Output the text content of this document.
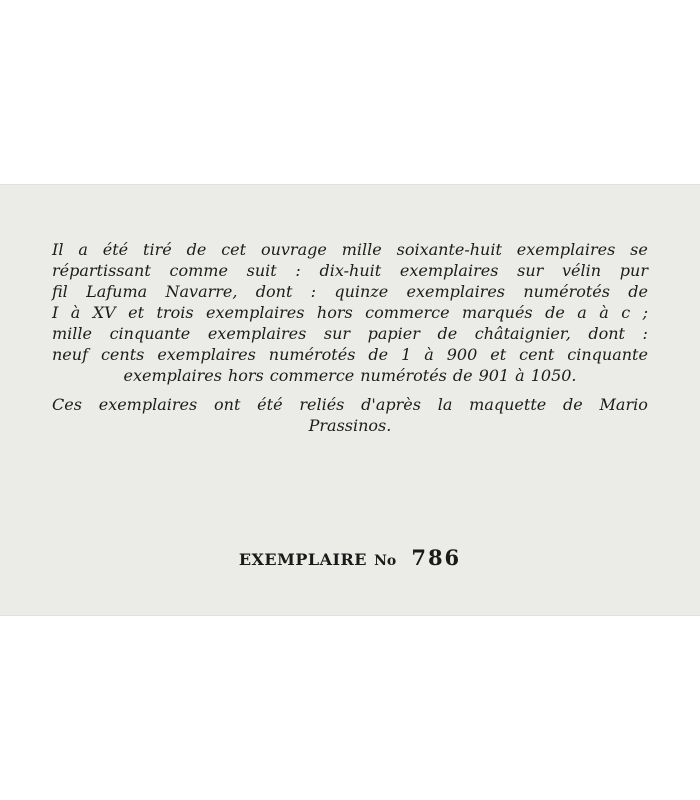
Il a été tiré de cet ouvrage mille soixante-huit exemplaires se
répartissant comme suit : dix-huit exemplaires sur vélin pur
fil Lafuma Navarre, dont : quinze exemplaires numérotés de
I à XV et trois exemplaires hors commerce marqués de a à c ;
mille cinquante exemplaires sur papier de châtaignier, dont :
neuf cents exemplaires numérotés de 1 à 900 et cent cinquante
exemplaires hors commerce numérotés de 901 à 1050.
Ces exemplaires ont été reliés d'après la maquette de Mario
Prassinos.
EXEMPLAIRE No 786
